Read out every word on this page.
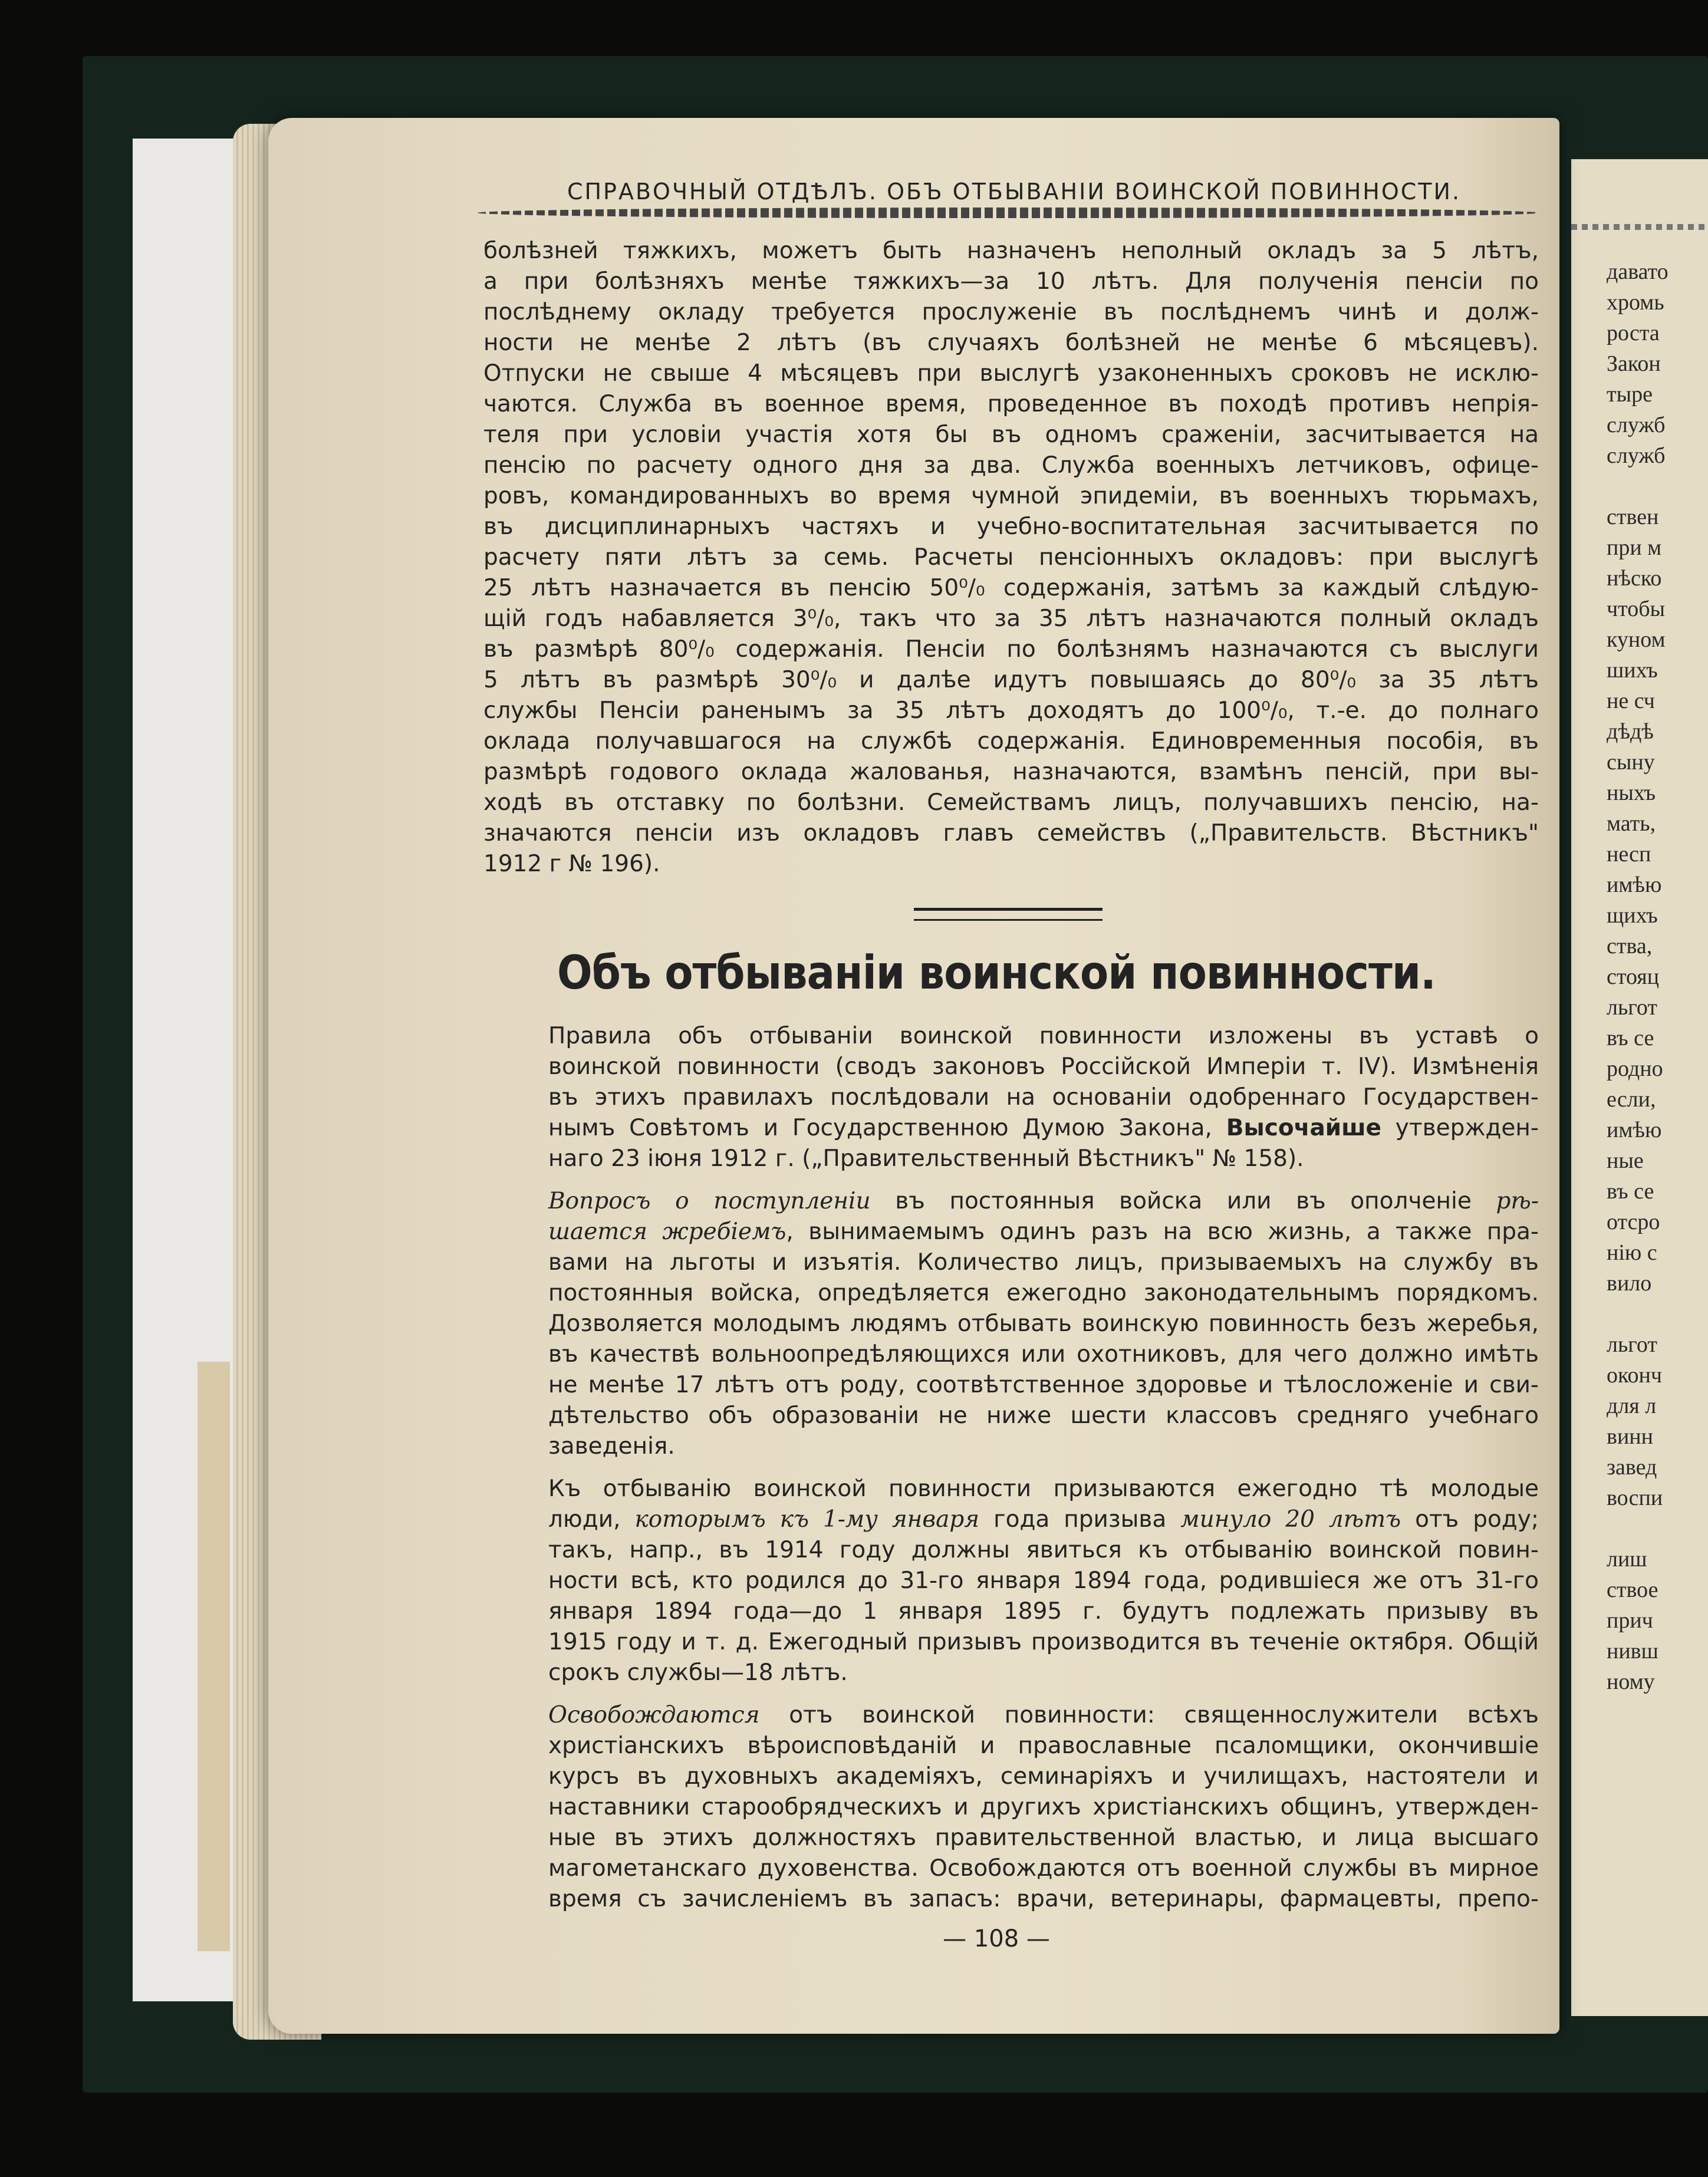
давато
хромь
роста
Закон
тыре
служб
служб
ствен
при м
нѣско
чтобы
куном
шихъ
не сч
дѣдѣ
сыну
ныхъ
мать,
несп
имѣю
щихъ
ства,
стояц
льгот
въ се
родно
если,
имѣю
ные
въ се
отсро
нію с
вило
льгот
оконч
для л
винн
завед
воспи
лиш
ствое
прич
нивш
ному
СПРАВОЧНЫЙ ОТДѢЛЪ. ОБЪ ОТБЫВАНІИ ВОИНСКОЙ ПОВИННОСТИ.
болѣзней тяжкихъ, можетъ быть назначенъ неполный окладъ за 5 лѣтъ,
а при болѣзняхъ менѣе тяжкихъ—за 10 лѣтъ. Для полученія пенсіи по
послѣднему окладу требуется прослуженіе въ послѣднемъ чинѣ и долж-
ности не менѣе 2 лѣтъ (въ случаяхъ болѣзней не менѣе 6 мѣсяцевъ).
Отпуски не свыше 4 мѣсяцевъ при выслугѣ узаконенныхъ сроковъ не исклю-
чаются. Служба въ военное время, проведенное въ походѣ противъ непрія-
теля при условіи участія хотя бы въ одномъ сраженіи, засчитывается на
пенсію по расчету одного дня за два. Служба военныхъ летчиковъ, офице-
ровъ, командированныхъ во время чумной эпидеміи, въ военныхъ тюрьмахъ,
въ дисциплинарныхъ частяхъ и учебно-воспитательная засчитывается по
расчету пяти лѣтъ за семь. Расчеты пенсіонныхъ окладовъ: при выслугѣ
25 лѣтъ назначается въ пенсію 50⁰/₀ содержанія, затѣмъ за каждый слѣдую-
щій годъ набавляется 3⁰/₀, такъ что за 35 лѣтъ назначаются полный окладъ
въ размѣрѣ 80⁰/₀ содержанія. Пенсіи по болѣзнямъ назначаются съ выслуги
5 лѣтъ въ размѣрѣ 30⁰/₀ и далѣе идутъ повышаясь до 80⁰/₀ за 35 лѣтъ
службы Пенсіи раненымъ за 35 лѣтъ доходятъ до 100⁰/₀, т.-е. до полнаго
оклада получавшагося на службѣ содержанія. Единовременныя пособія, въ
размѣрѣ годового оклада жалованья, назначаются, взамѣнъ пенсій, при вы-
ходѣ въ отставку по болѣзни. Семействамъ лицъ, получавшихъ пенсію, на-
значаются пенсіи изъ окладовъ главъ семействъ („Правительств. Вѣстникъ"
1912 г № 196).
Объ отбываніи воинской повинности.
Правила объ отбываніи воинской повинности изложены въ уставѣ о
воинской повинности (сводъ законовъ Россійской Имперіи т. IV). Измѣненія
въ этихъ правилахъ послѣдовали на основаніи одобреннаго Государствен-
нымъ Совѣтомъ и Государственною Думою Закона, Высочайше утвержден-
наго 23 іюня 1912 г. („Правительственный Вѣстникъ" № 158).
Вопросъ о поступленіи въ постоянныя войска или въ ополченіе рѣ-
шается жребіемъ, вынимаемымъ одинъ разъ на всю жизнь, а также пра-
вами на льготы и изъятія. Количество лицъ, призываемыхъ на службу въ
постоянныя войска, опредѣляется ежегодно законодательнымъ порядкомъ.
Дозволяется молодымъ людямъ отбывать воинскую повинность безъ жеребья,
въ качествѣ вольноопредѣляющихся или охотниковъ, для чего должно имѣть
не менѣе 17 лѣтъ отъ роду, соотвѣтственное здоровье и тѣлосложеніе и сви-
дѣтельство объ образованіи не ниже шести классовъ средняго учебнаго
заведенія.
Къ отбыванію воинской повинности призываются ежегодно тѣ молодые
люди, которымъ къ 1-му января года призыва минуло 20 лѣтъ отъ роду;
такъ, напр., въ 1914 году должны явиться къ отбыванію воинской повин-
ности всѣ, кто родился до 31-го января 1894 года, родившіеся же отъ 31-го
января 1894 года—до 1 января 1895 г. будутъ подлежать призыву въ
1915 году и т. д. Ежегодный призывъ производится въ теченіе октября. Общій
срокъ службы—18 лѣтъ.
Освобождаются отъ воинской повинности: священнослужители всѣхъ
христіанскихъ вѣроисповѣданій и православные псаломщики, окончившіе
курсъ въ духовныхъ академіяхъ, семинаріяхъ и училищахъ, настоятели и
наставники старообрядческихъ и другихъ христіанскихъ общинъ, утвержден-
ные въ этихъ должностяхъ правительственной властью, и лица высшаго
магометанскаго духовенства. Освобождаются отъ военной службы въ мирное
время съ зачисленіемъ въ запасъ: врачи, ветеринары, фармацевты, препо-
— 108 —
